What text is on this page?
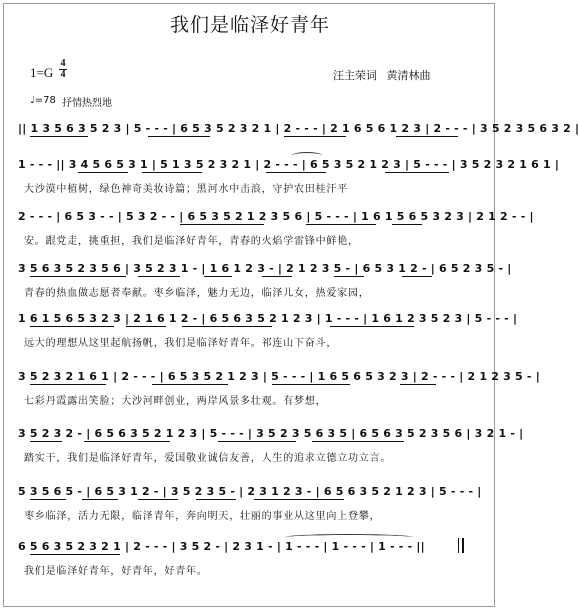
我们是临泽好青年
1=G
4
4	汪主荣词 黄清林曲
♩=78 抒情热烈地
|| 1 3 5 6 3 5 2 3 | 5 - - - | 6 5 3 5 2 3 2 1 | 2 - - - | 2 1 6 5 6 1 2 3 | 2 - - - | 3 5 2 3 5 6 3 2 |
1 - - - || 3 4 5 6 5 3 1 | 5 1 3 5 2 3 2 1 | 2 - - - | 6 5 3 5 2 1 2 3 | 5 - - - | 3 5 2 3 2 1 6 1 |
大沙漠中植树，绿色神奇美妆诗篇；黑河水中击浪，守护农田桂汗平
2 - - - | 6 5 3 - - | 5 3 2 - - | 6 5 3 5 2 1 2 3 5 6 | 5 - - - | 1 6 1 5 6 5 3 2 3 | 2 1 2 - - |
安。跟党走，挑重担，我们是临泽好青年，青春的火焰学雷锋中鲜艳，
3 5 6 3 5 2 3 5 6 | 3 5 2 3 1 - | 1 6 1 2 3 - | 2 1 2 3 5 - | 6 5 3 1 2 - | 6 5 2 3 5 - |
青春的热血做志愿者奉献。枣乡临泽，魅力无边，临泽儿女，热爱家园，
1 6 1 5 6 5 3 2 3 | 2 1 6 1 2 - | 6 5 6 3 5 2 1 2 3 | 1 - - - | 1 6 1 2 3 5 2 3 | 5 - - - |
远大的理想从这里起航扬帆，我们是临泽好青年。祁连山下奋斗，
3 5 2 3 2 1 6 1 | 2 - - - | 6 5 3 5 2 1 2 3 | 5 - - - | 1 6 5 6 5 3 2 3 | 2 - - - | 2 1 2 3 5 - |
七彩丹霞露出笑脸；大沙河畔创业，两岸风景多壮观。有梦想，
3 5 2 3 2 - | 6 5 6 3 5 2 1 2 3 | 5 - - - | 3 5 2 3 5 6 3 5 | 6 5 6 3 5 2 3 5 6 | 3 2 1 - |
踏实干，我们是临泽好青年，爱国敬业诚信友善，人生的追求立德立功立言。
5 3 5 6 5 - | 6 5 3 1 2 - | 3 5 2 3 5 - | 2 3 1 2 3 - | 6 5 6 3 5 2 1 2 3 | 5 - - - |
枣乡临泽，活力无限，临泽青年，奔向明天，壮丽的事业从这里向上登攀，
6 5 6 3 5 2 3 2 1 | 2 - - - | 3 5 2 - | 2 3 1 - | 1 - - - | 1 - - - | 1 - - - ||
我们是临泽好青年，好青年，好青年。
